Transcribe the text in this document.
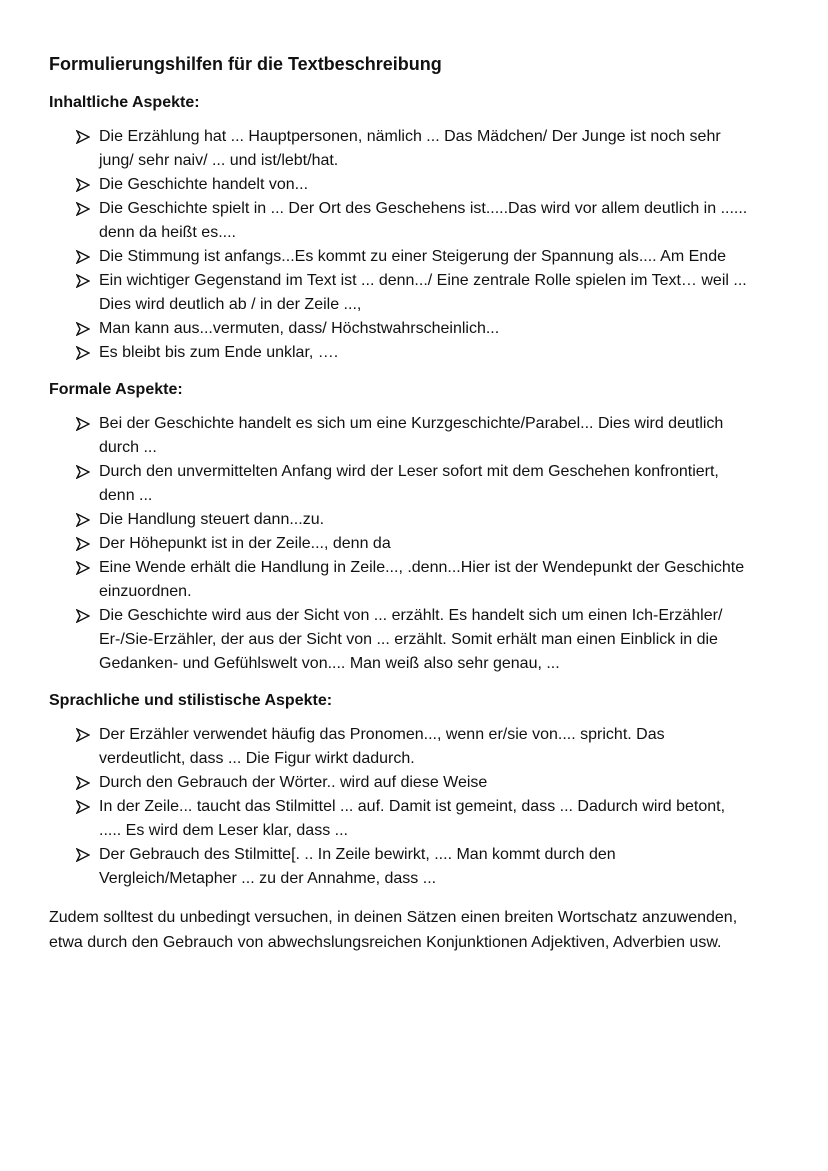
Formulierungshilfen für die Textbeschreibung
Inhaltliche Aspekte:
Die Erzählung hat ... Hauptpersonen, nämlich ... Das Mädchen/ Der Junge ist noch sehr jung/ sehr naiv/ ... und ist/lebt/hat.
Die Geschichte handelt von...
Die Geschichte spielt in ... Der Ort des Geschehens ist.....Das wird vor allem deutlich in ...... denn da heißt es....
Die Stimmung ist anfangs...Es kommt zu einer Steigerung der Spannung als.... Am Ende
Ein wichtiger Gegenstand im Text ist ... denn.../ Eine zentrale Rolle spielen im Text… weil ... Dies wird deutlich ab / in der Zeile ...,
Man kann aus...vermuten, dass/ Höchstwahrscheinlich...
Es bleibt bis zum Ende unklar, ….
Formale Aspekte:
Bei der Geschichte handelt es sich um eine Kurzgeschichte/Parabel... Dies wird deutlich durch ...
Durch den unvermittelten Anfang wird der Leser sofort mit dem Geschehen konfrontiert, denn ...
Die Handlung steuert dann...zu.
Der Höhepunkt ist in der Zeile..., denn da
Eine Wende erhält die Handlung in Zeile..., .denn...Hier ist der Wendepunkt der Geschichte einzuordnen.
Die Geschichte wird aus der Sicht von ... erzählt. Es handelt sich um einen Ich-Erzähler/ Er-/Sie-Erzähler, der aus der Sicht von ... erzählt. Somit erhält man einen Einblick in die Gedanken- und Gefühlswelt von.... Man weiß also sehr genau, ...
Sprachliche und stilistische Aspekte:
Der Erzähler verwendet häufig das Pronomen..., wenn er/sie von.... spricht. Das verdeutlicht, dass ... Die Figur wirkt dadurch.
Durch den Gebrauch der Wörter.. wird auf diese Weise
In der Zeile... taucht das Stilmittel ... auf. Damit ist gemeint, dass ... Dadurch wird betont, ..... Es wird dem Leser klar, dass ...
Der Gebrauch des Stilmitte[. .. In Zeile bewirkt, .... Man kommt durch den Vergleich/Metapher ... zu der Annahme, dass ...

Zudem solltest du unbedingt versuchen, in deinen Sätzen einen breiten Wortschatz anzuwenden, etwa durch den Gebrauch von abwechslungsreichen Konjunktionen Adjektiven, Adverbien usw.
